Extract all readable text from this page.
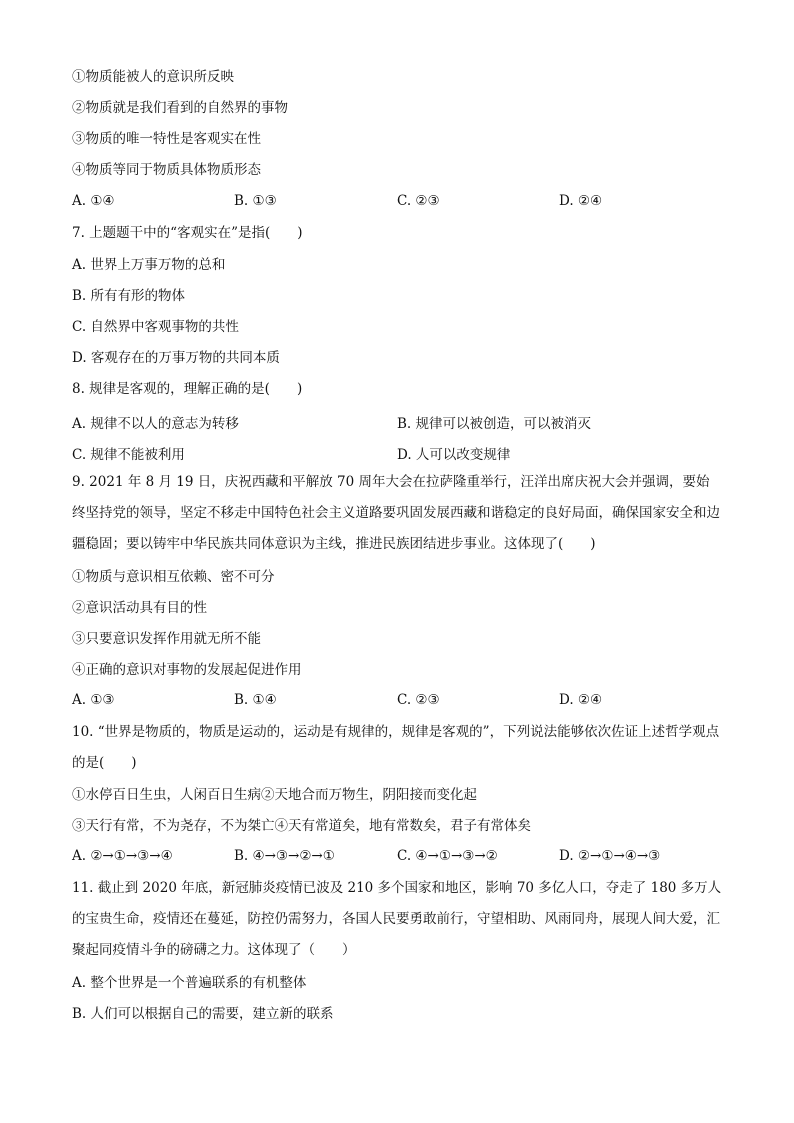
①物质能被人的意识所反映
②物质就是我们看到的自然界的事物
③物质的唯一特性是客观实在性
④物质等同于物质具体物质形态
A. ①④	B. ①③	C. ②③	D. ②④
7. 上题题干中的“客观实在”是指(　　)
A. 世界上万事万物的总和
B. 所有有形的物体
C. 自然界中客观事物的共性
D. 客观存在的万事万物的共同本质
8. 规律是客观的，理解正确的是(　　)
A. 规律不以人的意志为转移	B. 规律可以被创造，可以被消灭
C. 规律不能被利用	D. 人可以改变规律
9. 2021 年 8 月 19 日，庆祝西藏和平解放 70 周年大会在拉萨隆重举行，汪洋出席庆祝大会并强调，要始终坚持党的领导，坚定不移走中国特色社会主义道路要巩固发展西藏和谐稳定的良好局面，确保国家安全和边疆稳固；要以铸牢中华民族共同体意识为主线，推进民族团结进步事业。这体现了(　　)
①物质与意识相互依赖、密不可分
②意识活动具有目的性
③只要意识发挥作用就无所不能
④正确的意识对事物的发展起促进作用
A. ①③	B. ①④	C. ②③	D. ②④
10. “世界是物质的，物质是运动的，运动是有规律的，规律是客观的”，下列说法能够依次佐证上述哲学观点的是(　　)
①水停百日生虫，人闲百日生病②天地合而万物生，阴阳接而变化起
③天行有常，不为尧存，不为桀亡④天有常道矣，地有常数矣，君子有常体矣
A. ②→①→③→④	B. ④→③→②→①	C. ④→①→③→②	D. ②→①→④→③
11. 截止到 2020 年底，新冠肺炎疫情已波及 210 多个国家和地区，影响 70 多亿人口，夺走了 180 多万人的宝贵生命，疫情还在蔓延，防控仍需努力，各国人民要勇敢前行，守望相助、风雨同舟，展现人间大爱，汇聚起同疫情斗争的磅礴之力。这体现了（　　）
A. 整个世界是一个普遍联系的有机整体
B. 人们可以根据自己的需要，建立新的联系
